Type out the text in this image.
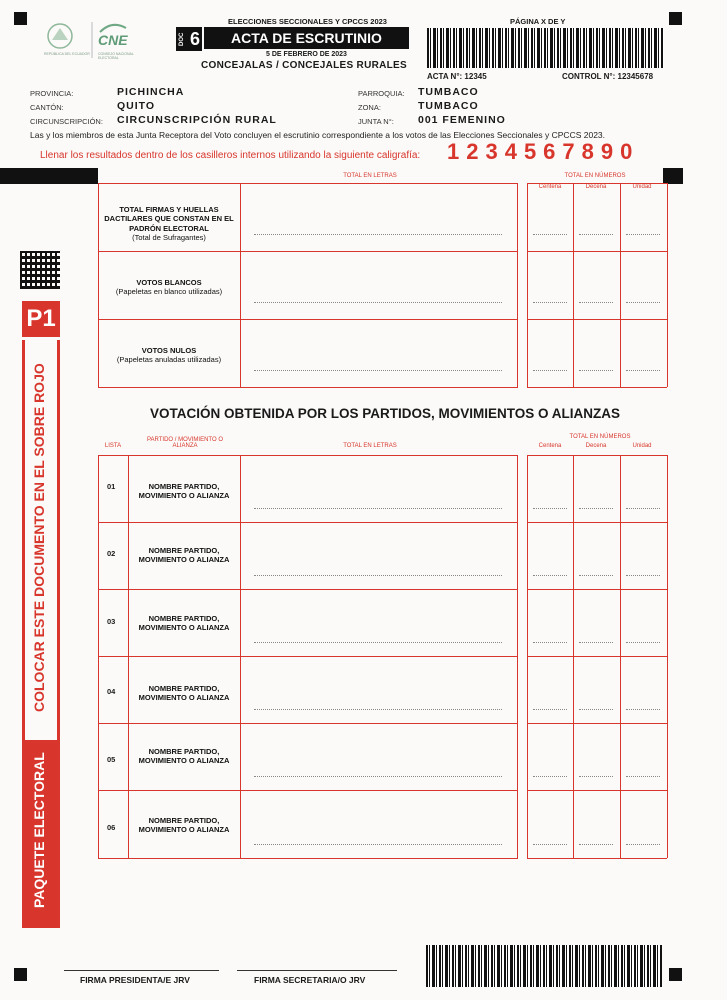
REPÚBLICA DEL ECUADOR
CNE
CONSEJO NACIONAL ELECTORAL
ELECCIONES SECCIONALES Y CPCCS 2023
DOC 6	ACTA DE ESCRUTINIO
5 DE FEBRERO DE 2023
CONCEJALAS / CONCEJALES RURALES
PÁGINA X DE Y
ACTA N°: 12345	CONTROL N°: 12345678
PROVINCIA:	PICHINCHA
CANTÓN:	QUITO
CIRCUNSCRIPCIÓN: CIRCUNSCRIPCIÓN RURAL
PARROQUIA: TUMBACO
ZONA:	TUMBACO
JUNTA N°: 001 FEMENINO
Las y los miembros de esta Junta Receptora del Voto concluyen el escrutinio correspondiente a los votos de las Elecciones Seccionales y CPCCS 2023.
Llenar los resultados dentro de los casilleros internos utilizando la siguiente caligrafía: 1234567890
TOTAL EN LETRAS	TOTAL EN NÚMEROS
Centena	Decena	Unidad
TOTAL FIRMAS Y HUELLAS DACTILARES QUE CONSTAN EN EL PADRÓN ELECTORAL
(Total de Sufragantes)
VOTOS BLANCOS
(Papeletas en blanco utilizadas)
VOTOS NULOS
(Papeletas anuladas utilizadas)
VOTACIÓN OBTENIDA POR LOS PARTIDOS, MOVIMIENTOS O ALIANZAS
LISTA
PARTIDO / MOVIMIENTO O ALIANZA	TOTAL EN LETRAS
TOTAL EN NÚMEROS
Centena	Decena	Unidad
01	NOMBRE PARTIDO, MOVIMIENTO O ALIANZA
02	NOMBRE PARTIDO, MOVIMIENTO O ALIANZA
03	NOMBRE PARTIDO, MOVIMIENTO O ALIANZA
04	NOMBRE PARTIDO, MOVIMIENTO O ALIANZA
05
NOMBRE PARTIDO, MOVIMIENTO O ALIANZA
06
NOMBRE PARTIDO, MOVIMIENTO O ALIANZA
P1
COLOCAR ESTE DOCUMENTO EN EL SOBRE ROJO
PAQUETE ELECTORAL
FIRMA PRESIDENTA/E JRV	FIRMA SECRETARIA/O JRV
